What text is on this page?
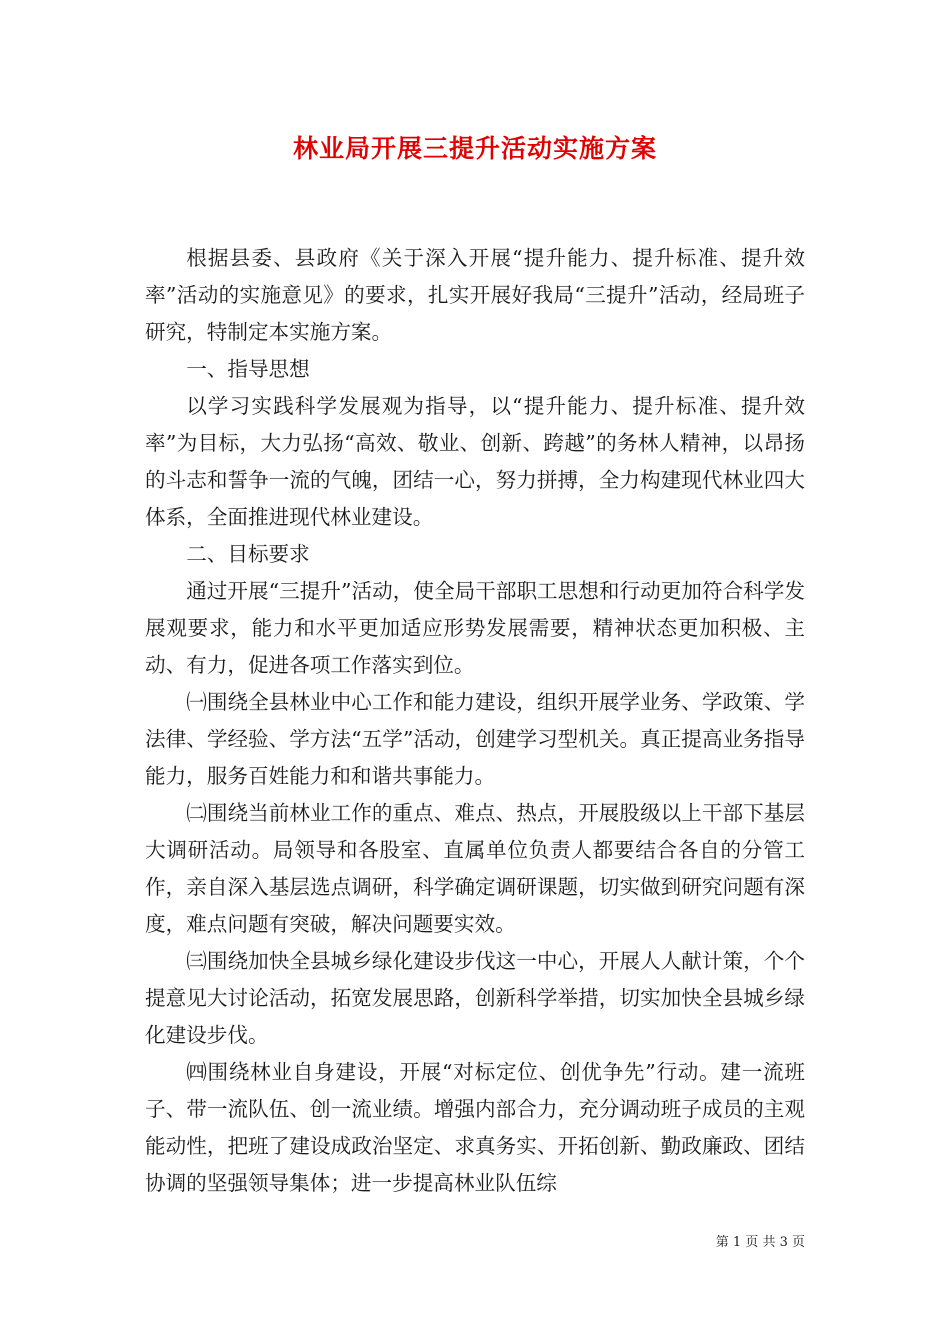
林业局开展三提升活动实施方案

根据县委、县政府《关于深入开展“提升能力、提升标准、提升效率”活动的实施意见》的要求，扎实开展好我局“三提升”活动，经局班子研究，特制定本实施方案。

一、指导思想

以学习实践科学发展观为指导，以“提升能力、提升标准、提升效率”为目标，大力弘扬“高效、敬业、创新、跨越”的务林人精神，以昂扬的斗志和誓争一流的气魄，团结一心，努力拼搏，全力构建现代林业四大体系，全面推进现代林业建设。

二、目标要求

通过开展“三提升”活动，使全局干部职工思想和行动更加符合科学发展观要求，能力和水平更加适应形势发展需要，精神状态更加积极、主动、有力，促进各项工作落实到位。

㈠围绕全县林业中心工作和能力建设，组织开展学业务、学政策、学法律、学经验、学方法“五学”活动，创建学习型机关。真正提高业务指导能力，服务百姓能力和和谐共事能力。

㈡围绕当前林业工作的重点、难点、热点，开展股级以上干部下基层大调研活动。局领导和各股室、直属单位负责人都要结合各自的分管工作，亲自深入基层选点调研，科学确定调研课题，切实做到研究问题有深度，难点问题有突破，解决问题要实效。

㈢围绕加快全县城乡绿化建设步伐这一中心，开展人人献计策，个个提意见大讨论活动，拓宽发展思路，创新科学举措，切实加快全县城乡绿化建设步伐。

㈣围绕林业自身建设，开展“对标定位、创优争先”行动。建一流班子、带一流队伍、创一流业绩。增强内部合力，充分调动班子成员的主观能动性，把班了建设成政治坚定、求真务实、开拓创新、勤政廉政、团结协调的坚强领导集体；进一步提高林业队伍综

第 1 页 共 3 页
